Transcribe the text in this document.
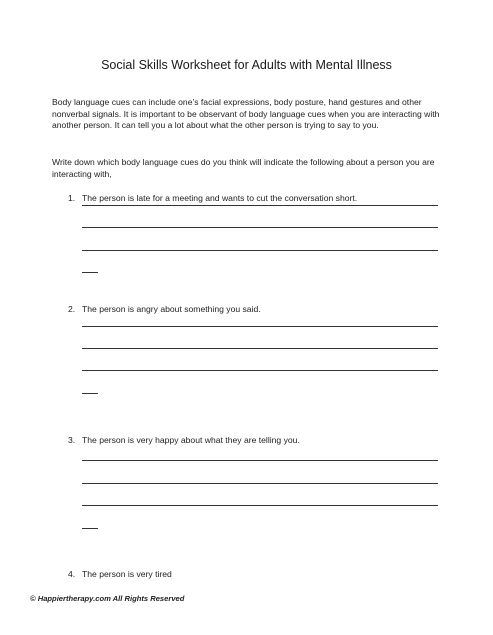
Social Skills Worksheet for Adults with Mental Illness
Body language cues can include one’s facial expressions, body posture, hand gestures and other nonverbal signals. It is important to be observant of body language cues when you are interacting with another person. It can tell you a lot about what the other person is trying to say to you.
Write down which body language cues do you think will indicate the following about a person you are interacting with,
1. The person is late for a meeting and wants to cut the conversation short.
2. The person is angry about something you said.
3. The person is very happy about what they are telling you.
4. The person is very tired
© Happiertherapy.com All Rights Reserved
